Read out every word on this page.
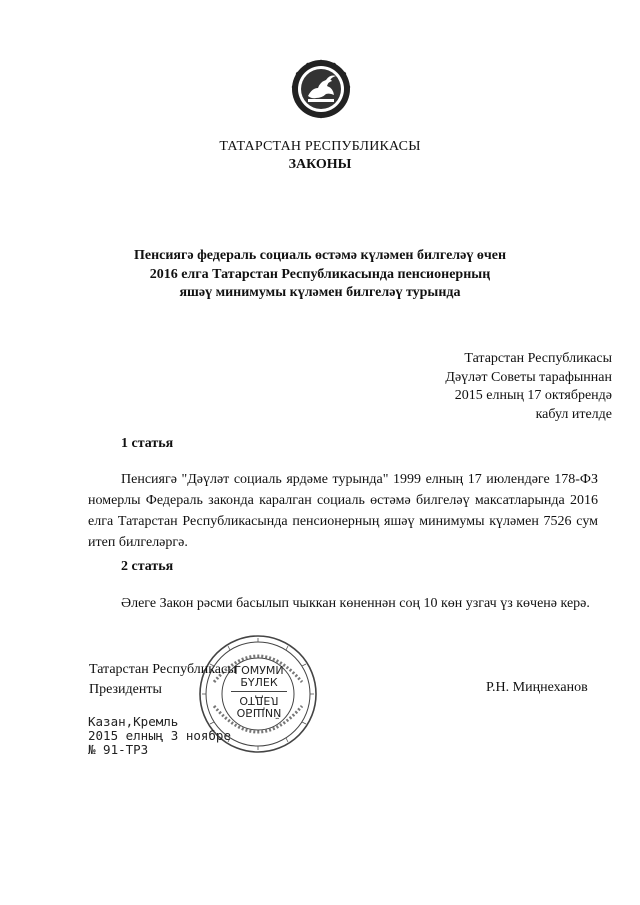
ТАТАРСТАН РЕСПУБЛИКАСЫ
ЗАКОНЫ
Пенсиягә федераль социаль өстәмә күләмен билгеләү өчен
2016 елга Татарстан Республикасында пенсионерның
яшәү минимумы күләмен билгеләү турында
Татарстан Республикасы
Дәүләт Советы тарафыннан
2015 елның 17 октябрендә
кабул ителде
1 статья
Пенсиягә "Дәүләт социаль ярдәме турында" 1999 елның 17 июлендәге 178-ФЗ номерлы Федераль законда каралган социаль өстәмә билгеләү максатларында 2016 елга Татарстан Республикасында пенсионерның яшәү минимумы күләмен 7526 сум итеп билгеләргә.
2 статья
Әлеге Закон рәсми басылып чыккан көненнән соң 10 көн узгач үз көченә керә.
ГОМУМИ
БҮЛЕК
ОТДЕЛ ОБЩИЙ
Татарстан Республикасы
Президенты	Р.Н. Миңнеханов
Казан,Кремль
2015 елның 3 ноябре
№ 91-ТРЗ
